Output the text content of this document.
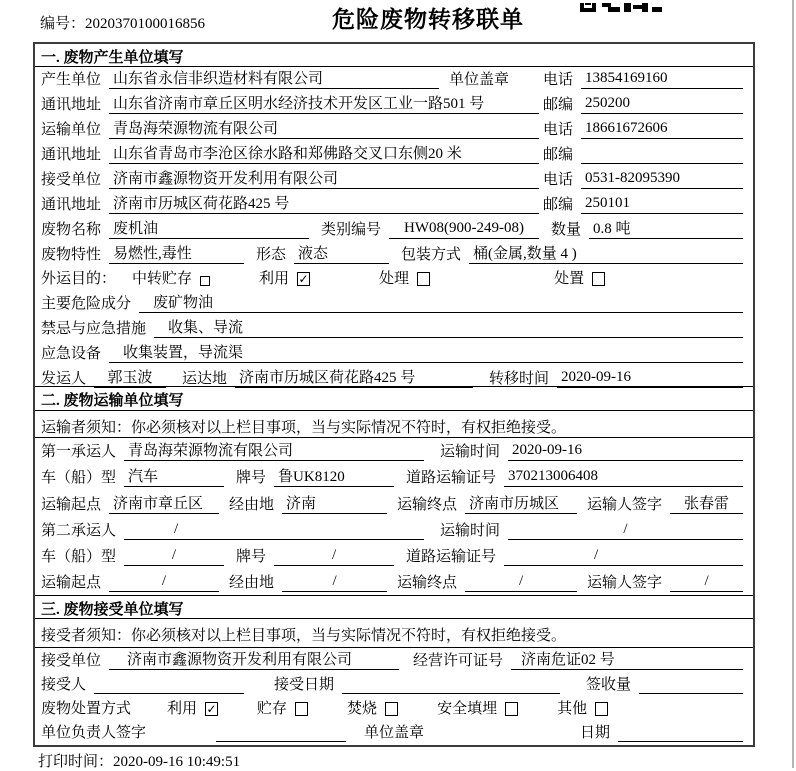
编号：2020370100016856	危险废物转移联单
一. 废物产生单位填写
产生单位 山东省永信非织造材料有限公司	单位盖章 电话 13854169160
通讯地址 山东省济南市章丘区明水经济技术开发区工业一路501 号	邮编 250200
运输单位 青岛海荣源物流有限公司	电话 18661672606
通讯地址 山东省青岛市李沧区徐水路和郑佛路交叉口东侧20 米	邮编
接受单位 济南市鑫源物资开发利用有限公司	电话 0531-82095390
通讯地址 济南市历城区荷花路425 号	邮编 250101
废物名称 废机油	类别编号	HW08(900-249-08)	数量 0.8 吨
废物特性 易燃性,毒性	形态 液态	包装方式 桶(金属,数量 4 )
外运目的： 中转贮存	利用 ✓	处理	处置
主要危险成分	废矿物油
禁忌与应急措施	收集、导流
应急设备	收集装置，导流渠
发运人	郭玉波	运达地 济南市历城区荷花路425 号	转移时间 2020-09-16
二. 废物运输单位填写
运输者须知：你必须核对以上栏目事项，当与实际情况不符时，有权拒绝接受。
第一承运人 青岛海荣源物流有限公司	运输时间 2020-09-16
车（船）型 汽车	牌号 鲁UK8120	道路运输证号 370213006408
运输起点 济南市章丘区	经由地 济南	运输终点 济南市历城区	运输人签字	张春雷
第二承运人	/	运输时间	/
车（船）型	/	牌号	/	道路运输证号	/
运输起点	/	经由地	/	运输终点	/	运输人签字	/
三. 废物接受单位填写
接受者须知：你必须核对以上栏目事项，当与实际情况不符时，有权拒绝接受。
接受单位	济南市鑫源物资开发利用有限公司	经营许可证号	济南危证02 号
接受人	接受日期	签收量
废物处置方式 利用 ✓	贮存	焚烧	安全填埋	其他
单位负责人签字	单位盖章	日期
打印时间：2020-09-16 10:49:51
